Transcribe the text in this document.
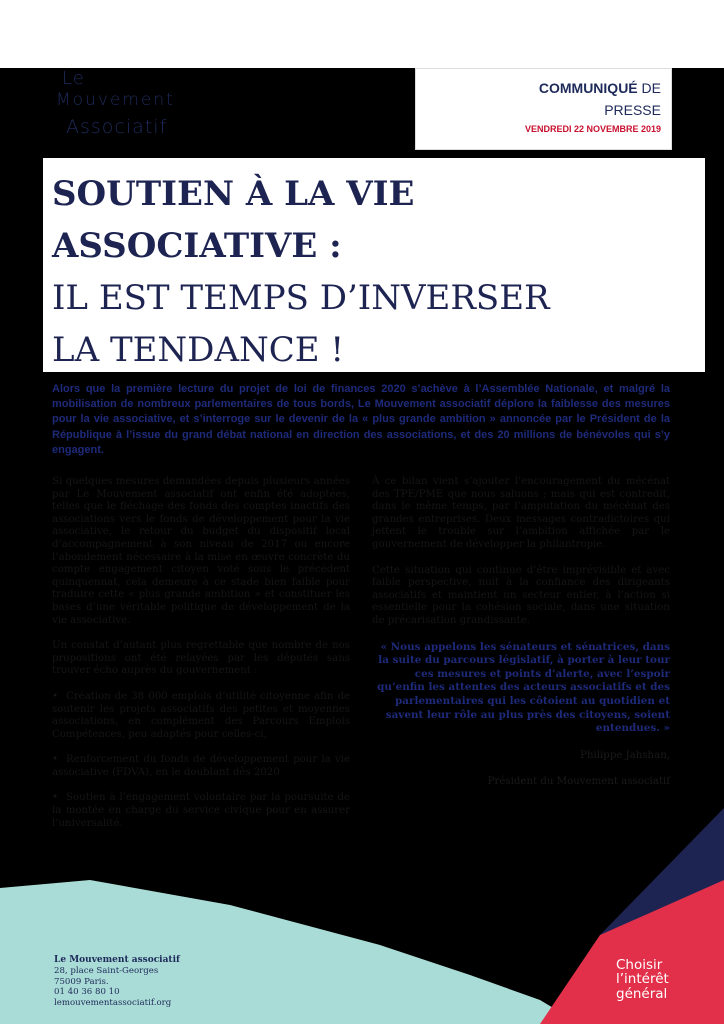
Le
Mouvement
Associatif
COMMUNIQUÉ DE
PRESSE
VENDREDI 22 NOVEMBRE 2019
SOUTIEN À LA VIE
ASSOCIATIVE :
IL EST TEMPS D’INVERSER
LA TENDANCE !
Alors que la première lecture du projet de loi de finances 2020 s’achève à l’Assemblée Nationale, et malgré la mobilisation de nombreux parlementaires de tous bords, Le Mouvement associatif déplore la faiblesse des mesures pour la vie associative, et s’interroge sur le devenir de la « plus grande ambition » annoncée par le Président de la République à l’issue du grand débat national en direction des associations, et des 20 millions de bénévoles qui s’y engagent.

Si quelques mesures demandées depuis plusieurs années par Le Mouvement associatif ont enfin été adoptées, telles que le fléchage des fonds des comptes inactifs des associations vers le fonds de développement pour la vie associative, le retour du budget du dispositif local d’accompagnement à son niveau de 2017 ou encore l’abondement nécessaire à la mise en œuvre concrète du compte engagement citoyen voté sous le précédent quinquennat, cela demeure à ce stade bien faible pour traduire cette « plus grande ambition » et constituer les bases d’une véritable politique de développement de la vie associative.

Un constat d’autant plus regrettable que nombre de nos propositions ont été relayées par les députés sans trouver écho auprès du gouvernement :

• Création de 38 000 emplois d’utilité citoyenne afin de soutenir les projets associatifs des petites et moyennes associations, en complément des Parcours Emplois Compétences, peu adaptés pour celles-ci,

• Renforcement du fonds de développement pour la vie associative (FDVA), en le doublant dès 2020

• Soutien à l’engagement volontaire par la poursuite de la montée en charge du service civique pour en assurer l’universalité.

À ce bilan vient s’ajouter l’encouragement du mécénat des TPE/PME que nous saluons ; mais qui est contredit, dans le même temps, par l’amputation du mécénat des grandes entreprises. Deux messages contradictoires qui jettent le trouble sur l’ambition affichée par le gouvernement de développer la philantropie.

Cette situation qui continue d’être imprévisible et avec faible perspective, nuit à la confiance des dirigeants associatifs et maintient un secteur entier, à l’action si essentielle pour la cohésion sociale, dans une situation de précarisation grandissante.

« Nous appelons les sénateurs et sénatrices, dans la suite du parcours législatif, à porter à leur tour ces mesures et points d’alerte, avec l’espoir qu’enfin les attentes des acteurs associatifs et des parlementaires qui les côtoient au quotidien et savent leur rôle au plus près des citoyens, soient entendues. »

Philippe Jahshan,

Président du Mouvement associatif

Le Mouvement associatif
28, place Saint-Georges
75009 Paris.
01 40 36 80 10
lemouvementassociatif.org
Choisir
l’intérêt
général
